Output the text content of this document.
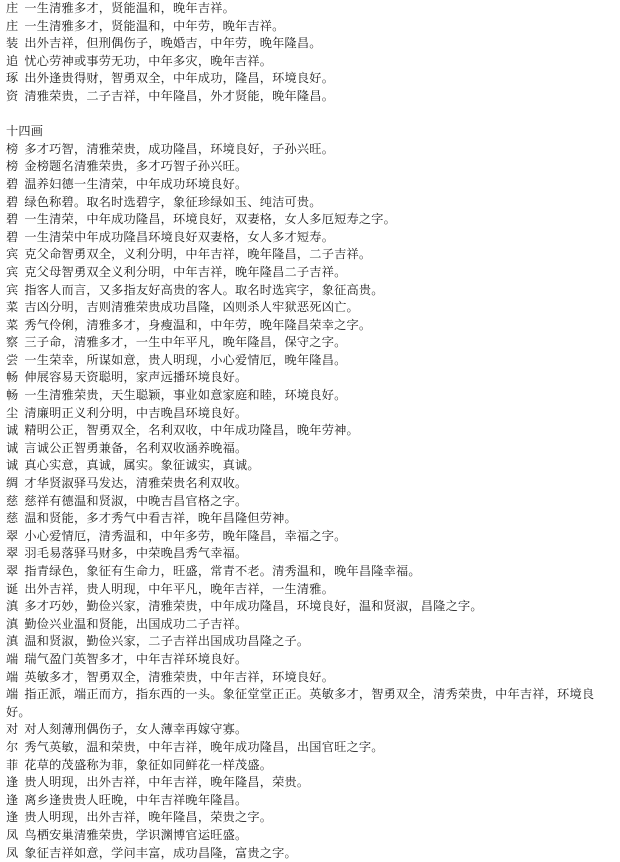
庄 一生清雅多才，贤能温和，晚年吉祥。
庄 一生清雅多才，贤能温和，中年劳，晚年吉祥。
装 出外吉祥，但刑偶伤子，晚婚吉，中年劳，晚年隆昌。
追 忧心劳神或事劳无功，中年多灾，晚年吉祥。
琢 出外逢贵得财，智勇双全，中年成功，隆昌，环境良好。
资 清雅荣贵，二子吉祥，中年隆昌，外才贤能，晚年隆昌。
十四画
榜 多才巧智，清雅荣贵，成功隆昌，环境良好，子孙兴旺。
榜 金榜题名清雅荣贵，多才巧智子孙兴旺。
碧 温养妇德一生清荣，中年成功环境良好。
碧 绿色称碧。取名时选碧字，象征珍绿如玉、纯洁可贵。
碧 一生清荣，中年成功隆昌，环境良好，双妻格，女人多厄短寿之字。
碧 一生清荣中年成功隆昌环境良好双妻格，女人多才短寿。
宾 克父命智勇双全，义利分明，中年吉祥，晚年隆昌，二子吉祥。
宾 克父母智勇双全义利分明，中年吉祥，晚年隆昌二子吉祥。
宾 指客人而言，又多指友好高贵的客人。取名时选宾字，象征高贵。
菜 吉凶分明，吉则清雅荣贵成功昌隆，凶则杀人牢狱恶死凶亡。
菜 秀气伶俐，清雅多才，身瘦温和，中年劳，晚年隆昌荣幸之字。
察 三子命，清雅多才，一生中年平凡，晚年隆昌，保守之字。
尝 一生荣幸，所谋如意，贵人明现，小心爱情厄，晚年隆昌。
畅 伸展容易天资聪明，家声远播环境良好。
畅 一生清雅荣贵，天生聪颖，事业如意家庭和睦，环境良好。
尘 清廉明正义利分明，中吉晚昌环境良好。
诚 精明公正，智勇双全，名利双收，中年成功隆昌，晚年劳神。
诚 言诚公正智勇兼备，名利双收涵养晚福。
诚 真心实意，真诚，属实。象征诚实，真诚。
绸 才华贤淑驿马发达，清雅荣贵名利双收。
慈 慈祥有德温和贤淑，中晚吉昌官格之字。
慈 温和贤能，多才秀气中看吉祥，晚年昌隆但劳神。
翠 小心爱情厄，清秀温和，中年多劳，晚年隆昌，幸福之字。
翠 羽毛易落驿马财多，中荣晚昌秀气幸福。
翠 指青绿色，象征有生命力，旺盛，常青不老。清秀温和，晚年昌隆幸福。
诞 出外吉祥，贵人明现，中年平凡，晚年吉祥，一生清雅。
滇 多才巧妙，勤俭兴家，清雅荣贵，中年成功隆昌，环境良好，温和贤淑，昌隆之字。
滇 勤俭兴业温和贤能，出国成功二子吉祥。
滇 温和贤淑，勤俭兴家，二子吉祥出国成功昌隆之子。
端 瑞气盈门英智多才，中年吉祥环境良好。
端 英敏多才，智勇双全，清雅荣贵，中年吉祥，环境良好。
端 指正派，端正而方，指东西的一头。象征堂堂正正。英敏多才，智勇双全，清秀荣贵，中年吉祥，环境良好。
对 对人刻薄刑偶伤子，女人薄幸再嫁守寡。
尔 秀气英敏，温和荣贵，中年吉祥，晚年成功隆昌，出国官旺之字。
菲 花草的茂盛称为菲，象征如同鲜花一样茂盛。
逢 贵人明现，出外吉祥，中年吉祥，晚年隆昌，荣贵。
逢 离乡逢贵贵人旺晚，中年吉祥晚年隆昌。
逢 贵人明现，出外吉祥，晚年隆昌，荣贵之字。
凤 鸟栖安巢清雅荣贵，学识渊博官运旺盛。
凤 象征吉祥如意，学问丰富，成功昌隆，富贵之字。
